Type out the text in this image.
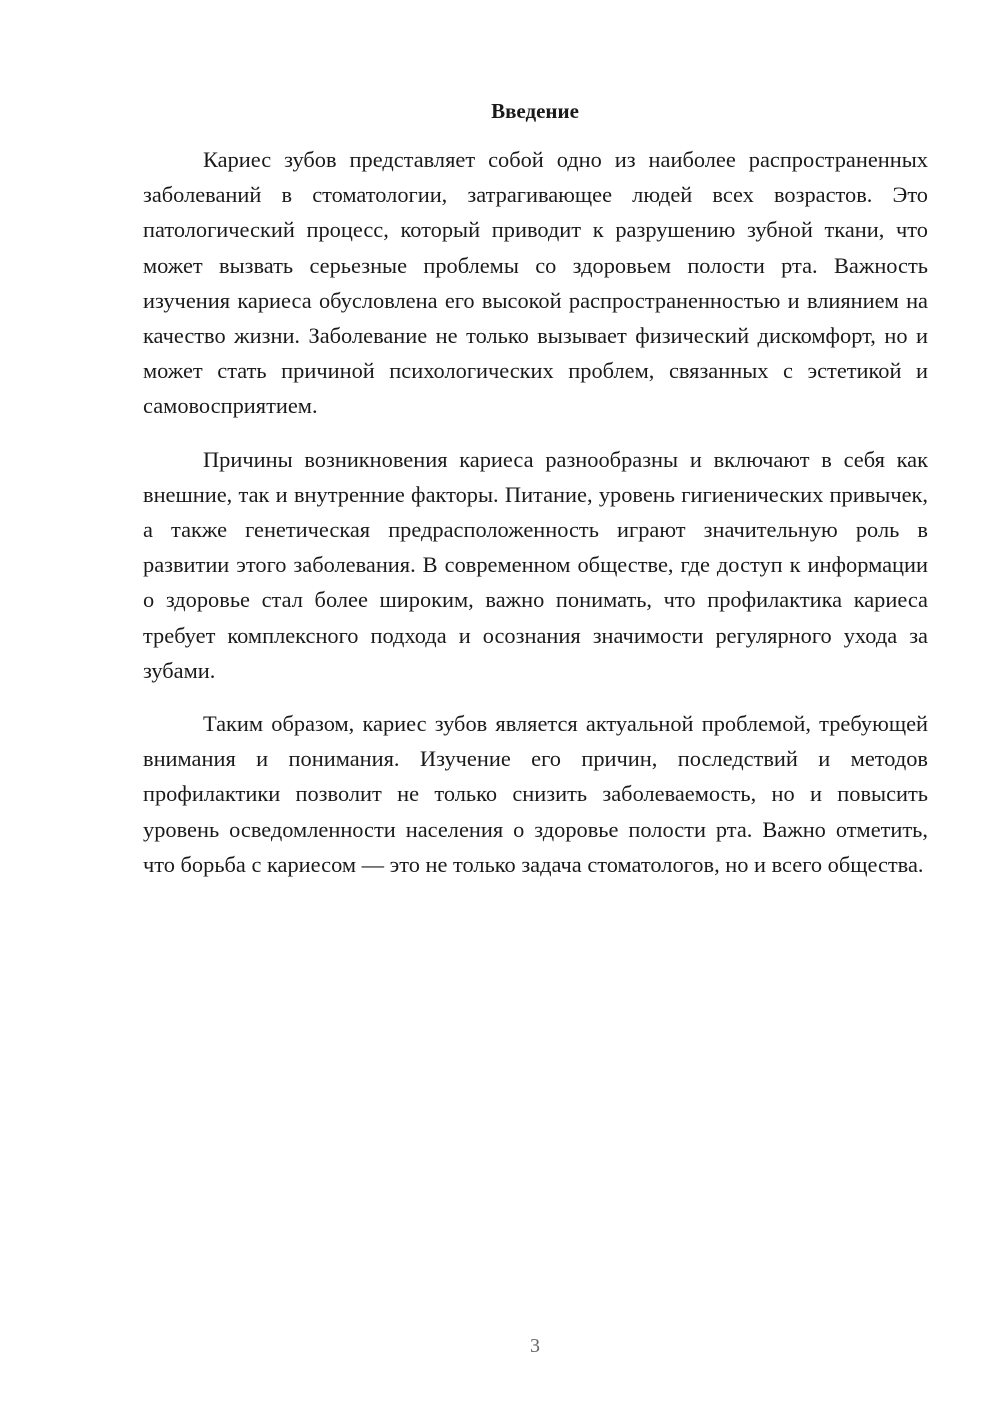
Введение

Кариес зубов представляет собой одно из наиболее распространенных заболеваний в стоматологии, затрагивающее людей всех возрастов. Это патологический процесс, который приводит к разрушению зубной ткани, что может вызвать серьезные проблемы со здоровьем полости рта. Важность изучения кариеса обусловлена его высокой распространенностью и влиянием на качество жизни. Заболевание не только вызывает физический дискомфорт, но и может стать причиной психологических проблем, связанных с эстетикой и самовосприятием.

Причины возникновения кариеса разнообразны и включают в себя как внешние, так и внутренние факторы. Питание, уровень гигиенических привычек, а также генетическая предрасположенность играют значительную роль в развитии этого заболевания. В современном обществе, где доступ к информации о здоровье стал более широким, важно понимать, что профилактика кариеса требует комплексного подхода и осознания значимости регулярного ухода за зубами.

Таким образом, кариес зубов является актуальной проблемой, требующей внимания и понимания. Изучение его причин, последствий и методов профилактики позволит не только снизить заболеваемость, но и повысить уровень осведомленности населения о здоровье полости рта. Важно отметить, что борьба с кариесом — это не только задача стоматологов, но и всего общества.

3
